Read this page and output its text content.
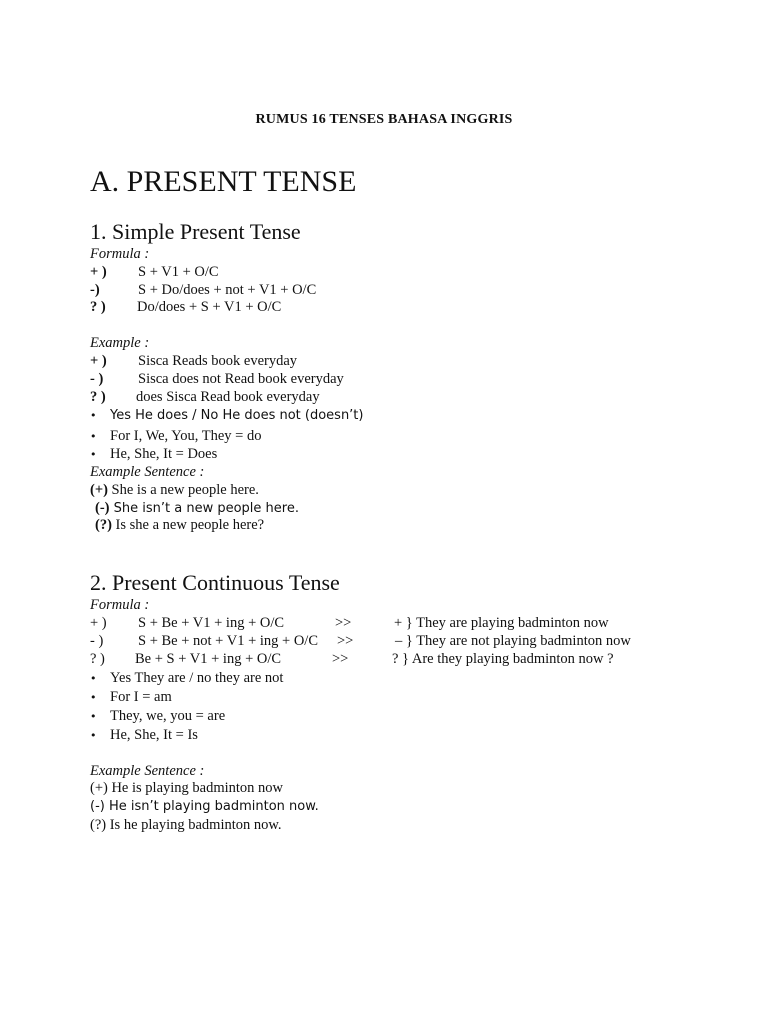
RUMUS 16 TENSES BAHASA INGGRIS
A. PRESENT TENSE
1. Simple Present Tense
Formula :
+ ) S + V1 + O/C
-)	S + Do/does + not + V1 + O/C
? ) Do/does + S + V1 + O/C
Example :
+ ) Sisca Reads book everyday
- ) Sisca does not Read book everyday
? ) does Sisca Read book everyday
• Yes He does / No He does not (doesn’t)
• For I, We, You, They = do
• He, She, It = Does
Example Sentence :
(+) She is a new people here.
(-) She isn’t a new people here.
(?) Is she a new people here?
2. Present Continuous Tense
Formula :
+ ) S + Be + V1 + ing + O/C	>>	+ } They are playing badminton now
- ) S + Be + not + V1 + ing + O/C >>	– } They are not playing badminton now
? ) Be + S + V1 + ing + O/C	>>	? } Are they playing badminton now ?
• Yes They are / no they are not
• For I = am
• They, we, you = are
• He, She, It = Is
Example Sentence :
(+) He is playing badminton now
(-) He isn’t playing badminton now.
(?) Is he playing badminton now.
